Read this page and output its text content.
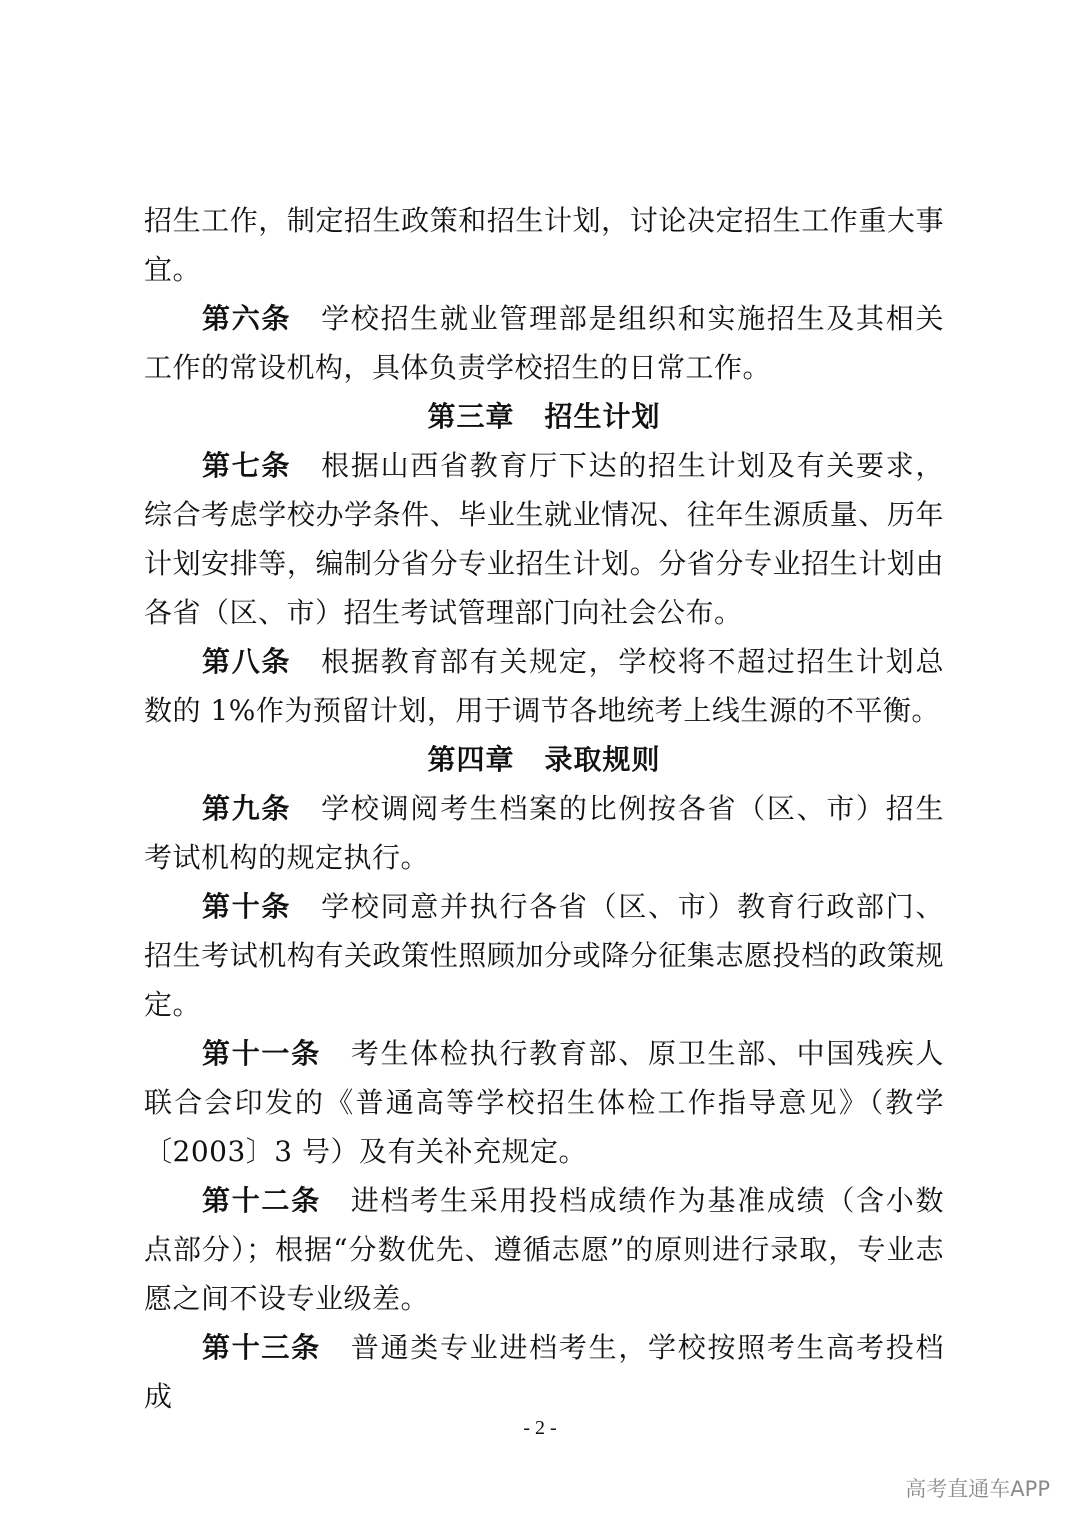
招生工作，制定招生政策和招生计划，讨论决定招生工作重大事宜。

第六条 学校招生就业管理部是组织和实施招生及其相关工作的常设机构，具体负责学校招生的日常工作。

第三章 招生计划

第七条 根据山西省教育厅下达的招生计划及有关要求，综合考虑学校办学条件、毕业生就业情况、往年生源质量、历年计划安排等，编制分省分专业招生计划。分省分专业招生计划由各省（区、市）招生考试管理部门向社会公布。

第八条 根据教育部有关规定，学校将不超过招生计划总数的 1%作为预留计划，用于调节各地统考上线生源的不平衡。

第四章 录取规则

第九条 学校调阅考生档案的比例按各省（区、市）招生考试机构的规定执行。

第十条 学校同意并执行各省（区、市）教育行政部门、招生考试机构有关政策性照顾加分或降分征集志愿投档的政策规定。

第十一条 考生体检执行教育部、原卫生部、中国残疾人联合会印发的《普通高等学校招生体检工作指导意见》（教学〔2003〕3 号）及有关补充规定。

第十二条 进档考生采用投档成绩作为基准成绩（含小数点部分）；根据“分数优先、遵循志愿”的原则进行录取，专业志愿之间不设专业级差。

第十三条 普通类专业进档考生，学校按照考生高考投档成

- 2 -
高考直通车APP
